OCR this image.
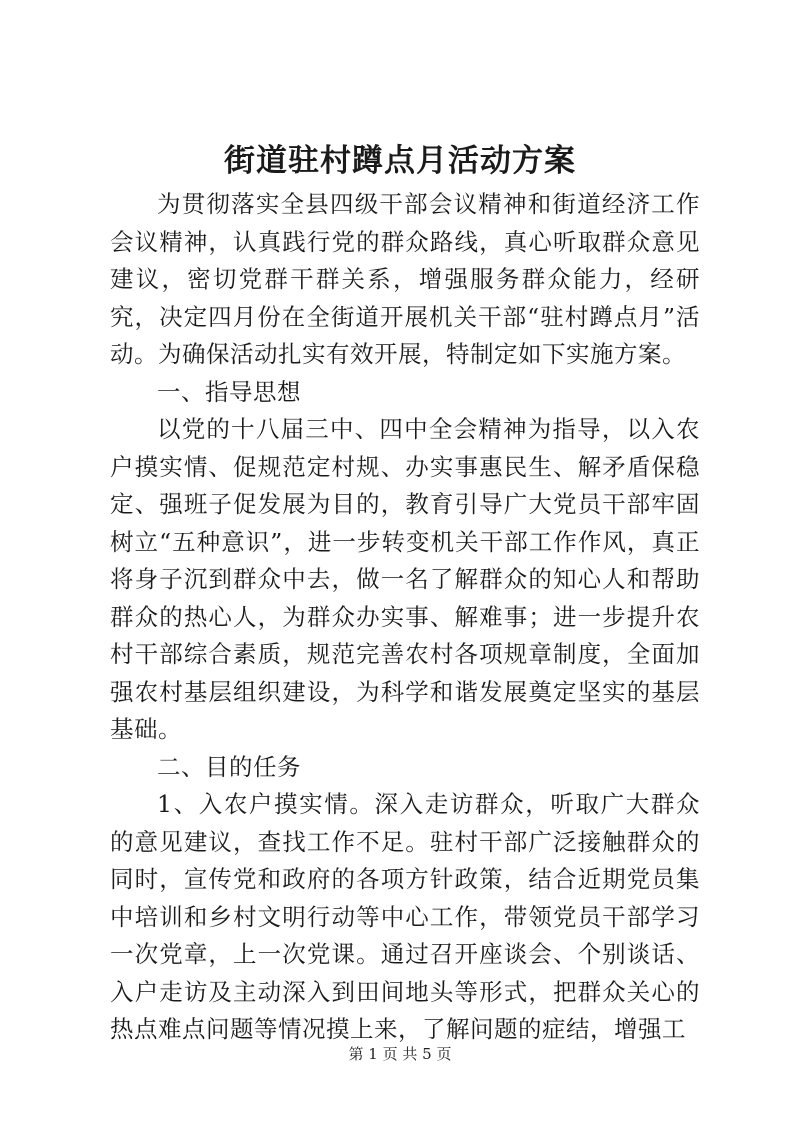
街道驻村蹲点月活动方案

为贯彻落实全县四级干部会议精神和街道经济工作会议精神，认真践行党的群众路线，真心听取群众意见建议，密切党群干群关系，增强服务群众能力，经研究，决定四月份在全街道开展机关干部“驻村蹲点月”活动。为确保活动扎实有效开展，特制定如下实施方案。

一、指导思想

以党的十八届三中、四中全会精神为指导，以入农户摸实情、促规范定村规、办实事惠民生、解矛盾保稳定、强班子促发展为目的，教育引导广大党员干部牢固树立“五种意识”，进一步转变机关干部工作作风，真正将身子沉到群众中去，做一名了解群众的知心人和帮助群众的热心人，为群众办实事、解难事；进一步提升农村干部综合素质，规范完善农村各项规章制度，全面加强农村基层组织建设，为科学和谐发展奠定坚实的基层基础。

二、目的任务

1、入农户摸实情。深入走访群众，听取广大群众的意见建议，查找工作不足。驻村干部广泛接触群众的同时，宣传党和政府的各项方针政策，结合近期党员集中培训和乡村文明行动等中心工作，带领党员干部学习一次党章，上一次党课。通过召开座谈会、个别谈话、入户走访及主动深入到田间地头等形式，把群众关心的热点难点问题等情况摸上来，了解问题的症结，增强工

第 1 页 共 5 页
